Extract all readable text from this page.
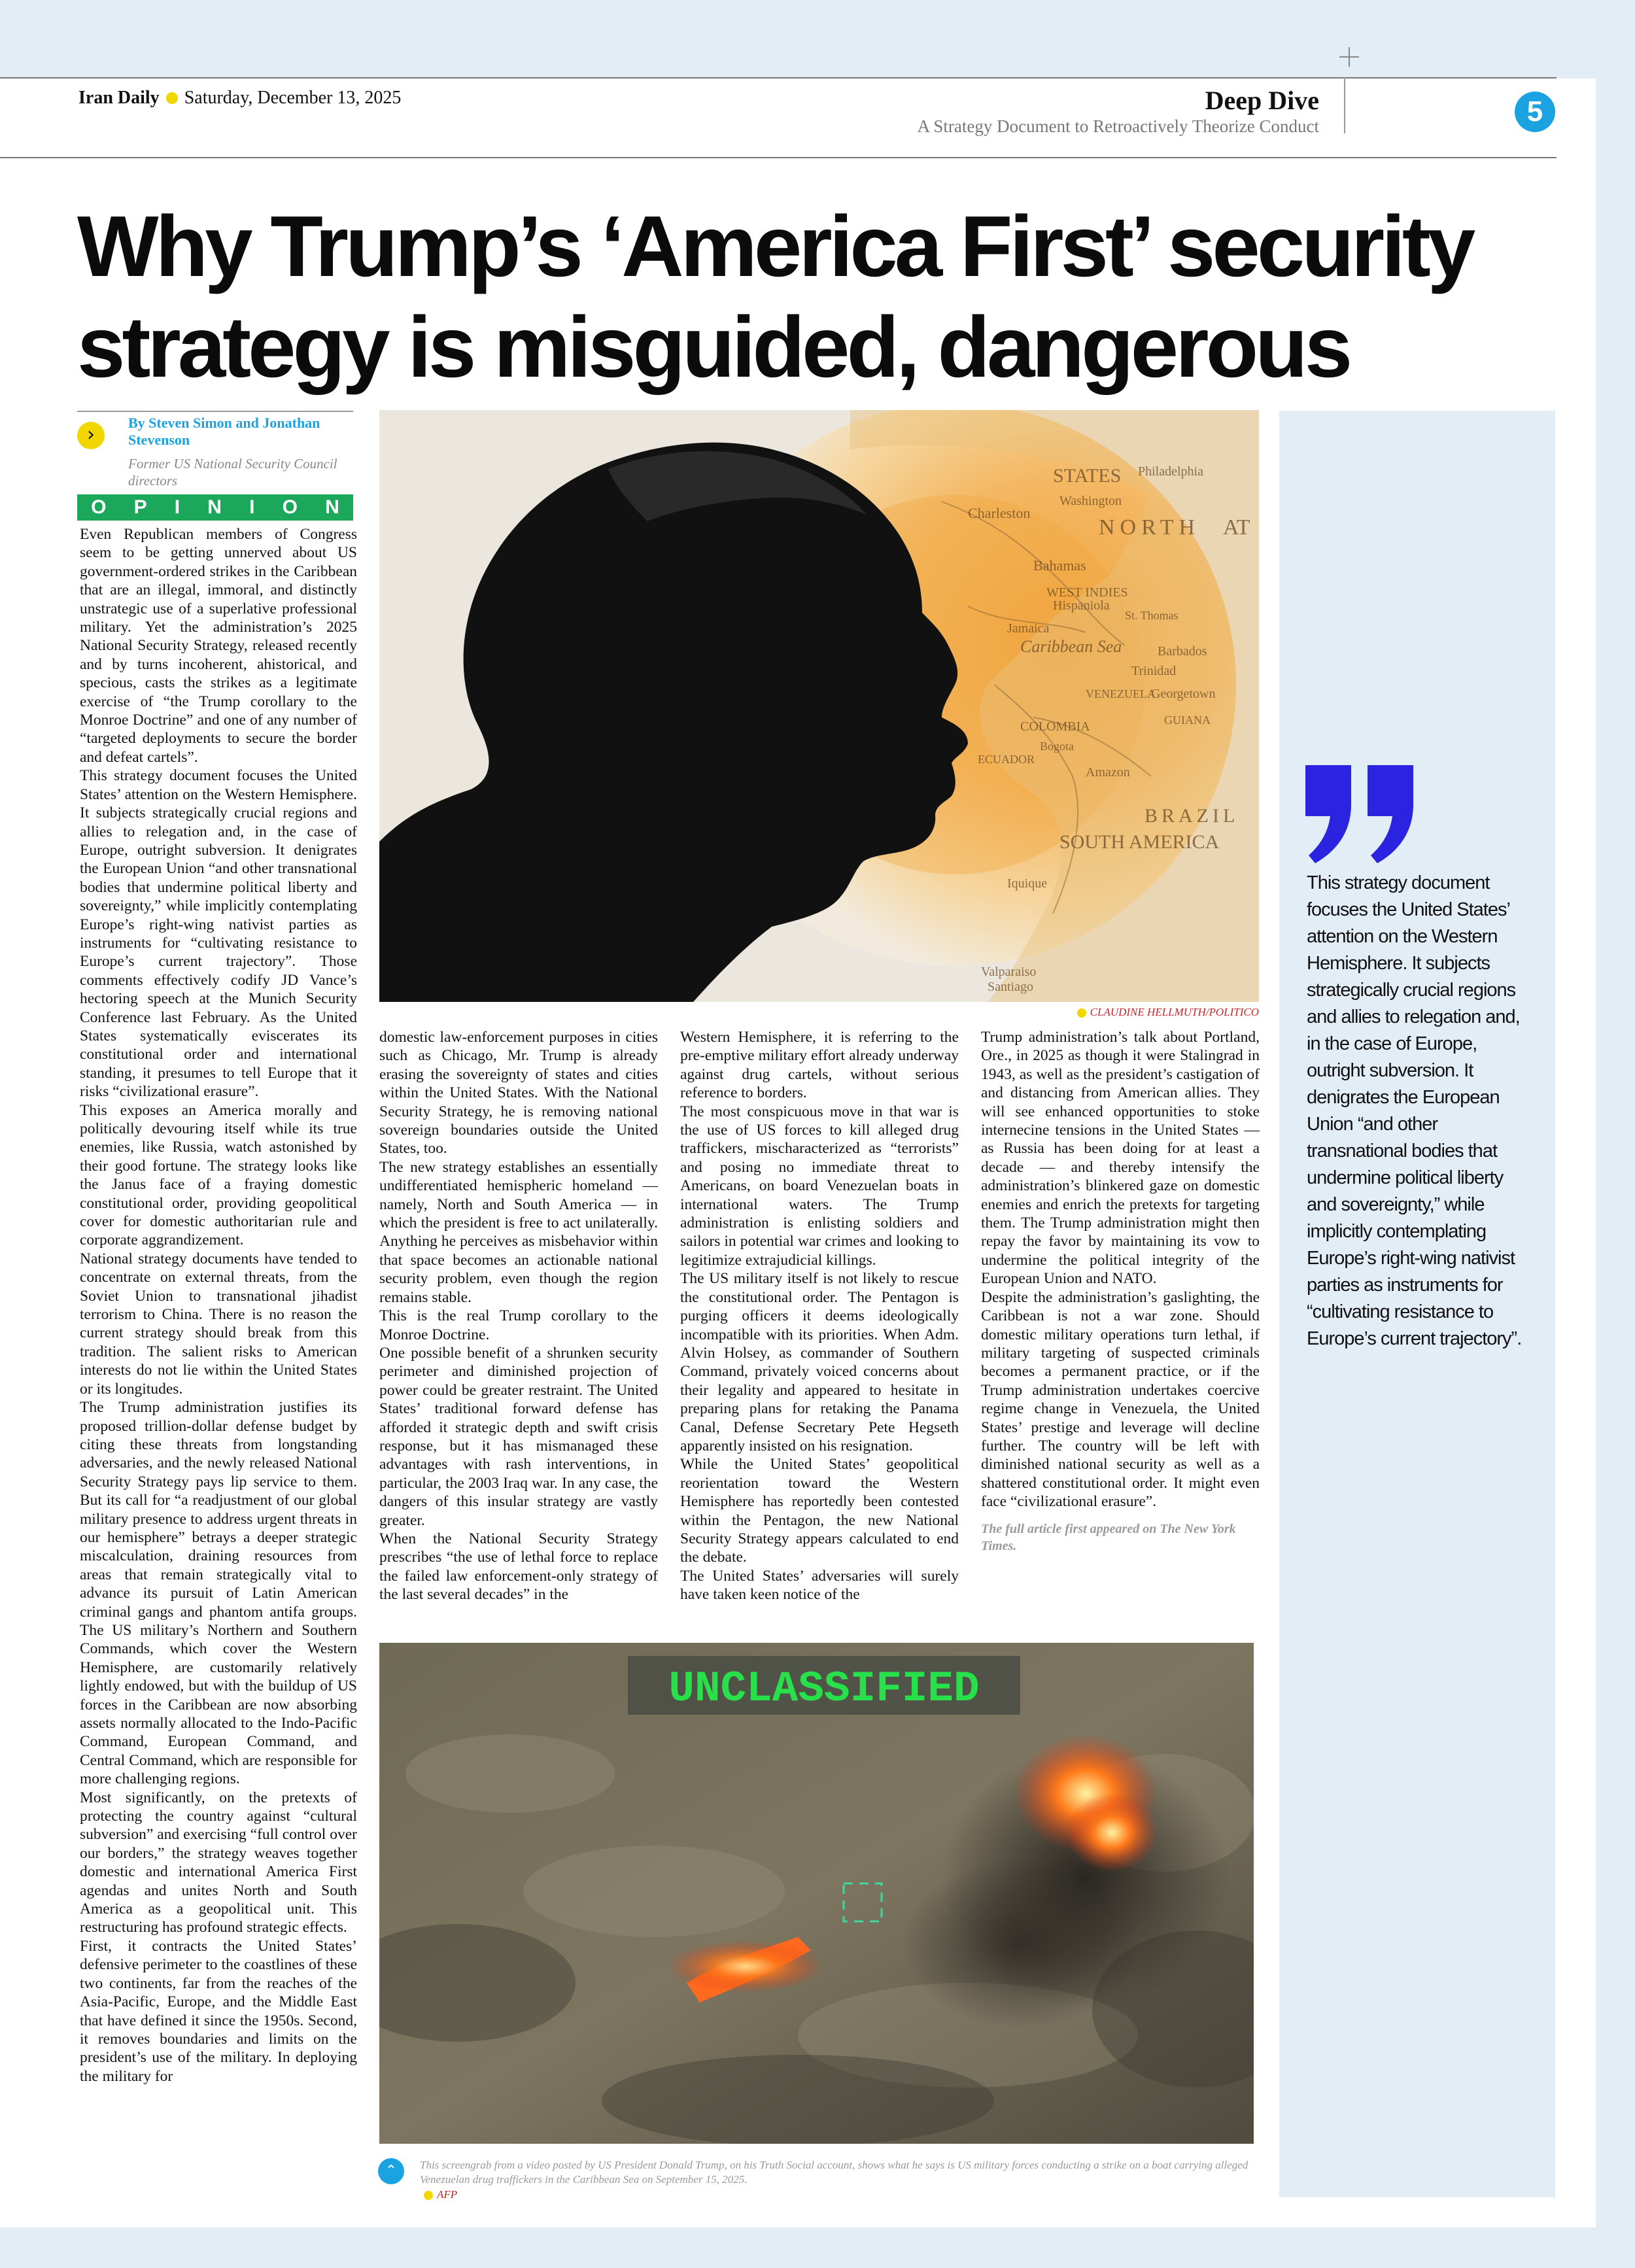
Iran Daily Saturday, December 13, 2025	Deep Dive
A Strategy Document to Retroactively Theorize Conduct	5
Why Trump’s ‘America First’ security
strategy is misguided, dangerous
›
By Steven Simon and Jonathan Stevenson
Former US National Security Council directors
O P I N I O N

Even Republican members of Congress seem to be getting unnerved about US government-ordered strikes in the Caribbean that are an illegal, immoral, and distinctly unstrategic use of a superlative professional military. Yet the administration’s 2025 National Security Strategy, released recently and by turns incoherent, ahistorical, and specious, casts the strikes as a legitimate exercise of “the Trump corollary to the Monroe Doctrine” and one of any number of “targeted deployments to secure the border and defeat cartels”.

This strategy document focuses the United States’ attention on the Western Hemisphere. It subjects strategically crucial regions and allies to relegation and, in the case of Europe, outright subversion. It denigrates the European Union “and other transnational bodies that undermine political liberty and sovereignty,” while implicitly contemplating Europe’s right-wing nativist parties as instruments for “cultivating resistance to Europe’s current trajectory”. Those comments effectively codify JD Vance’s hectoring speech at the Munich Security Conference last February. As the United States systematically eviscerates its constitutional order and international standing, it presumes to tell Europe that it risks “civilizational erasure”.

This exposes an America morally and politically devouring itself while its true enemies, like Russia, watch astonished by their good fortune. The strategy looks like the Janus face of a fraying domestic constitutional order, providing geopolitical cover for domestic authoritarian rule and corporate aggrandizement.

National strategy documents have tended to concentrate on external threats, from the Soviet Union to transnational jihadist terrorism to China. There is no reason the current strategy should break from this tradition. The salient risks to American interests do not lie within the United States or its longitudes.

The Trump administration justifies its proposed trillion-dollar defense budget by citing these threats from longstanding adversaries, and the newly released National Security Strategy pays lip service to them. But its call for “a readjustment of our global military presence to address urgent threats in our hemisphere” betrays a deeper strategic miscalculation, draining resources from areas that remain strategically vital to advance its pursuit of Latin American criminal gangs and phantom antifa groups. The US military’s Northern and Southern Commands, which cover the Western Hemisphere, are customarily relatively lightly endowed, but with the buildup of US forces in the Caribbean are now absorbing assets normally allocated to the Indo-Pacific Command, European Command, and Central Command, which are responsible for more challenging regions.

Most significantly, on the pretexts of protecting the country against “cultural subversion” and exercising “full control over our borders,” the strategy weaves together domestic and international America First agendas and unites North and South America as a geopolitical unit. This restructuring has profound strategic effects.

First, it contracts the United States’ defensive perimeter to the coastlines of these two continents, far from the reaches of the Asia-Pacific, Europe, and the Middle East that have defined it since the 1950s. Second, it removes boundaries and limits on the president’s use of the military. In deploying the military for

STATES
Washington
Philadelphia
Charleston
NORTH AT
Bahamas
WEST INDIES
Hispaniola
Caribbean Sea
Jamaica
Trinidad
Barbados
St. Thomas
Georgetown
GUIANA
COLOMBIA
VENEZUELA
ECUADOR
BRAZIL
SOUTH AMERICA
Iquique
Valparaiso
Santiago
Amazon
Bogota
CLAUDINE HELLMUTH/POLITICO

domestic law-enforcement purposes in cities such as Chicago, Mr. Trump is already erasing the sovereignty of states and cities within the United States. With the National Security Strategy, he is removing national sovereign boundaries outside the United States, too.

The new strategy establishes an essentially undifferentiated hemispheric homeland — namely, North and South America — in which the president is free to act unilaterally. Anything he perceives as misbehavior within that space becomes an actionable national security problem, even though the region remains stable.

This is the real Trump corollary to the Monroe Doctrine.

One possible benefit of a shrunken security perimeter and diminished projection of power could be greater restraint. The United States’ traditional forward defense has afforded it strategic depth and swift crisis response, but it has mismanaged these advantages with rash interventions, in particular, the 2003 Iraq war. In any case, the dangers of this insular strategy are vastly greater.

When the National Security Strategy prescribes “the use of lethal force to replace the failed law enforcement-only strategy of the last several decades” in the

Western Hemisphere, it is referring to the pre-emptive military effort already underway against drug cartels, without serious reference to borders.

The most conspicuous move in that war is the use of US forces to kill alleged drug traffickers, mischaracterized as “terrorists” and posing no immediate threat to Americans, on board Venezuelan boats in international waters. The Trump administration is enlisting soldiers and sailors in potential war crimes and looking to legitimize extrajudicial killings.

The US military itself is not likely to rescue the constitutional order. The Pentagon is purging officers it deems ideologically incompatible with its priorities. When Adm. Alvin Holsey, as commander of Southern Command, privately voiced concerns about their legality and appeared to hesitate in preparing plans for retaking the Panama Canal, Defense Secretary Pete Hegseth apparently insisted on his resignation.

While the United States’ geopolitical reorientation toward the Western Hemisphere has reportedly been contested within the Pentagon, the new National Security Strategy appears calculated to end the debate.

The United States’ adversaries will surely have taken keen notice of the

Trump administration’s talk about Portland, Ore., in 2025 as though it were Stalingrad in 1943, as well as the president’s castigation of and distancing from American allies. They will see enhanced opportunities to stoke internecine tensions in the United States — as Russia has been doing for at least a decade — and thereby intensify the administration’s blinkered gaze on domestic enemies and enrich the pretexts for targeting them. The Trump administration might then repay the favor by maintaining its vow to undermine the political integrity of the European Union and NATO.

Despite the administration’s gaslighting, the Caribbean is not a war zone. Should domestic military operations turn lethal, if military targeting of suspected criminals becomes a permanent practice, or if the Trump administration undertakes coercive regime change in Venezuela, the United States’ prestige and leverage will decline further. The country will be left with diminished national security as well as a shattered constitutional order. It might even face “civilizational erasure”.

The full article first appeared on The New York Times.

UNCLASSIFIED
⌃	This screengrab from a video posted by US President Donald Trump, on his Truth Social account, shows what he says is US military forces conducting a strike on a boat carrying alleged Venezuelan drug traffickers in the Caribbean Sea on September 15, 2025.
AFP
This strategy document focuses the United States’ attention on the Western Hemisphere. It subjects strategically crucial regions and allies to relegation and, in the case of Europe, outright subversion. It denigrates the European Union “and other transnational bodies that undermine political liberty and sovereignty,” while implicitly contemplating Europe’s right-wing nativist parties as instruments for “cultivating resistance to Europe’s current trajectory”.
